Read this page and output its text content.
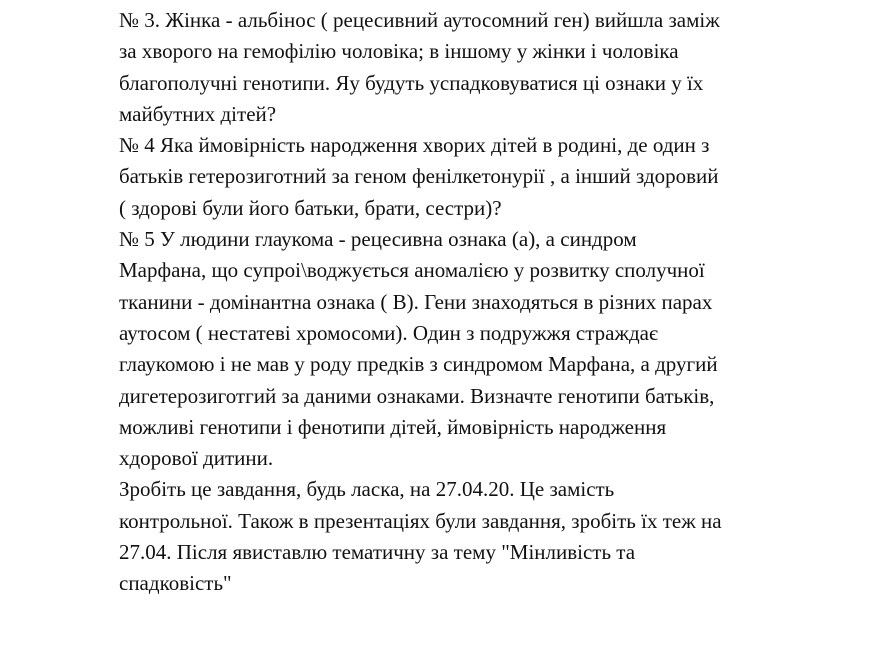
№ 3. Жінка - альбінос ( рецесивний аутосомний ген) вийшла заміж
за хворого на гемофілію чоловіка; в іншому у жінки і чоловіка
благополучні генотипи. Яу будуть успадковуватися ці ознаки у їх
майбутних дітей?
№ 4 Яка ймовірність народження хворих дітей в родині, де один з
батьків гетерозиготний за геном фенілкетонурії , а інший здоровий
( здорові були його батьки, брати, сестри)?
№ 5 У людини глаукома - рецесивна ознака (а), а синдром
Марфана, що супроі\воджується аномалією у розвитку сполучної
тканини - домінантна ознака ( В). Гени знаходяться в різних парах
аутосом ( нестатеві хромосоми). Один з подружжя страждає
глаукомою і не мав у роду предків з синдромом Марфана, а другий
дигетерозиготгий за даними ознаками. Визначте генотипи батьків,
можливі генотипи і фенотипи дітей, ймовірність народження
хдорової дитини.
Зробіть це завдання, будь ласка, на 27.04.20. Це замість
контрольної. Також в презентаціях були завдання, зробіть їх теж на
27.04. Після явиставлю тематичну за тему "Мінливість та
спадковість"
